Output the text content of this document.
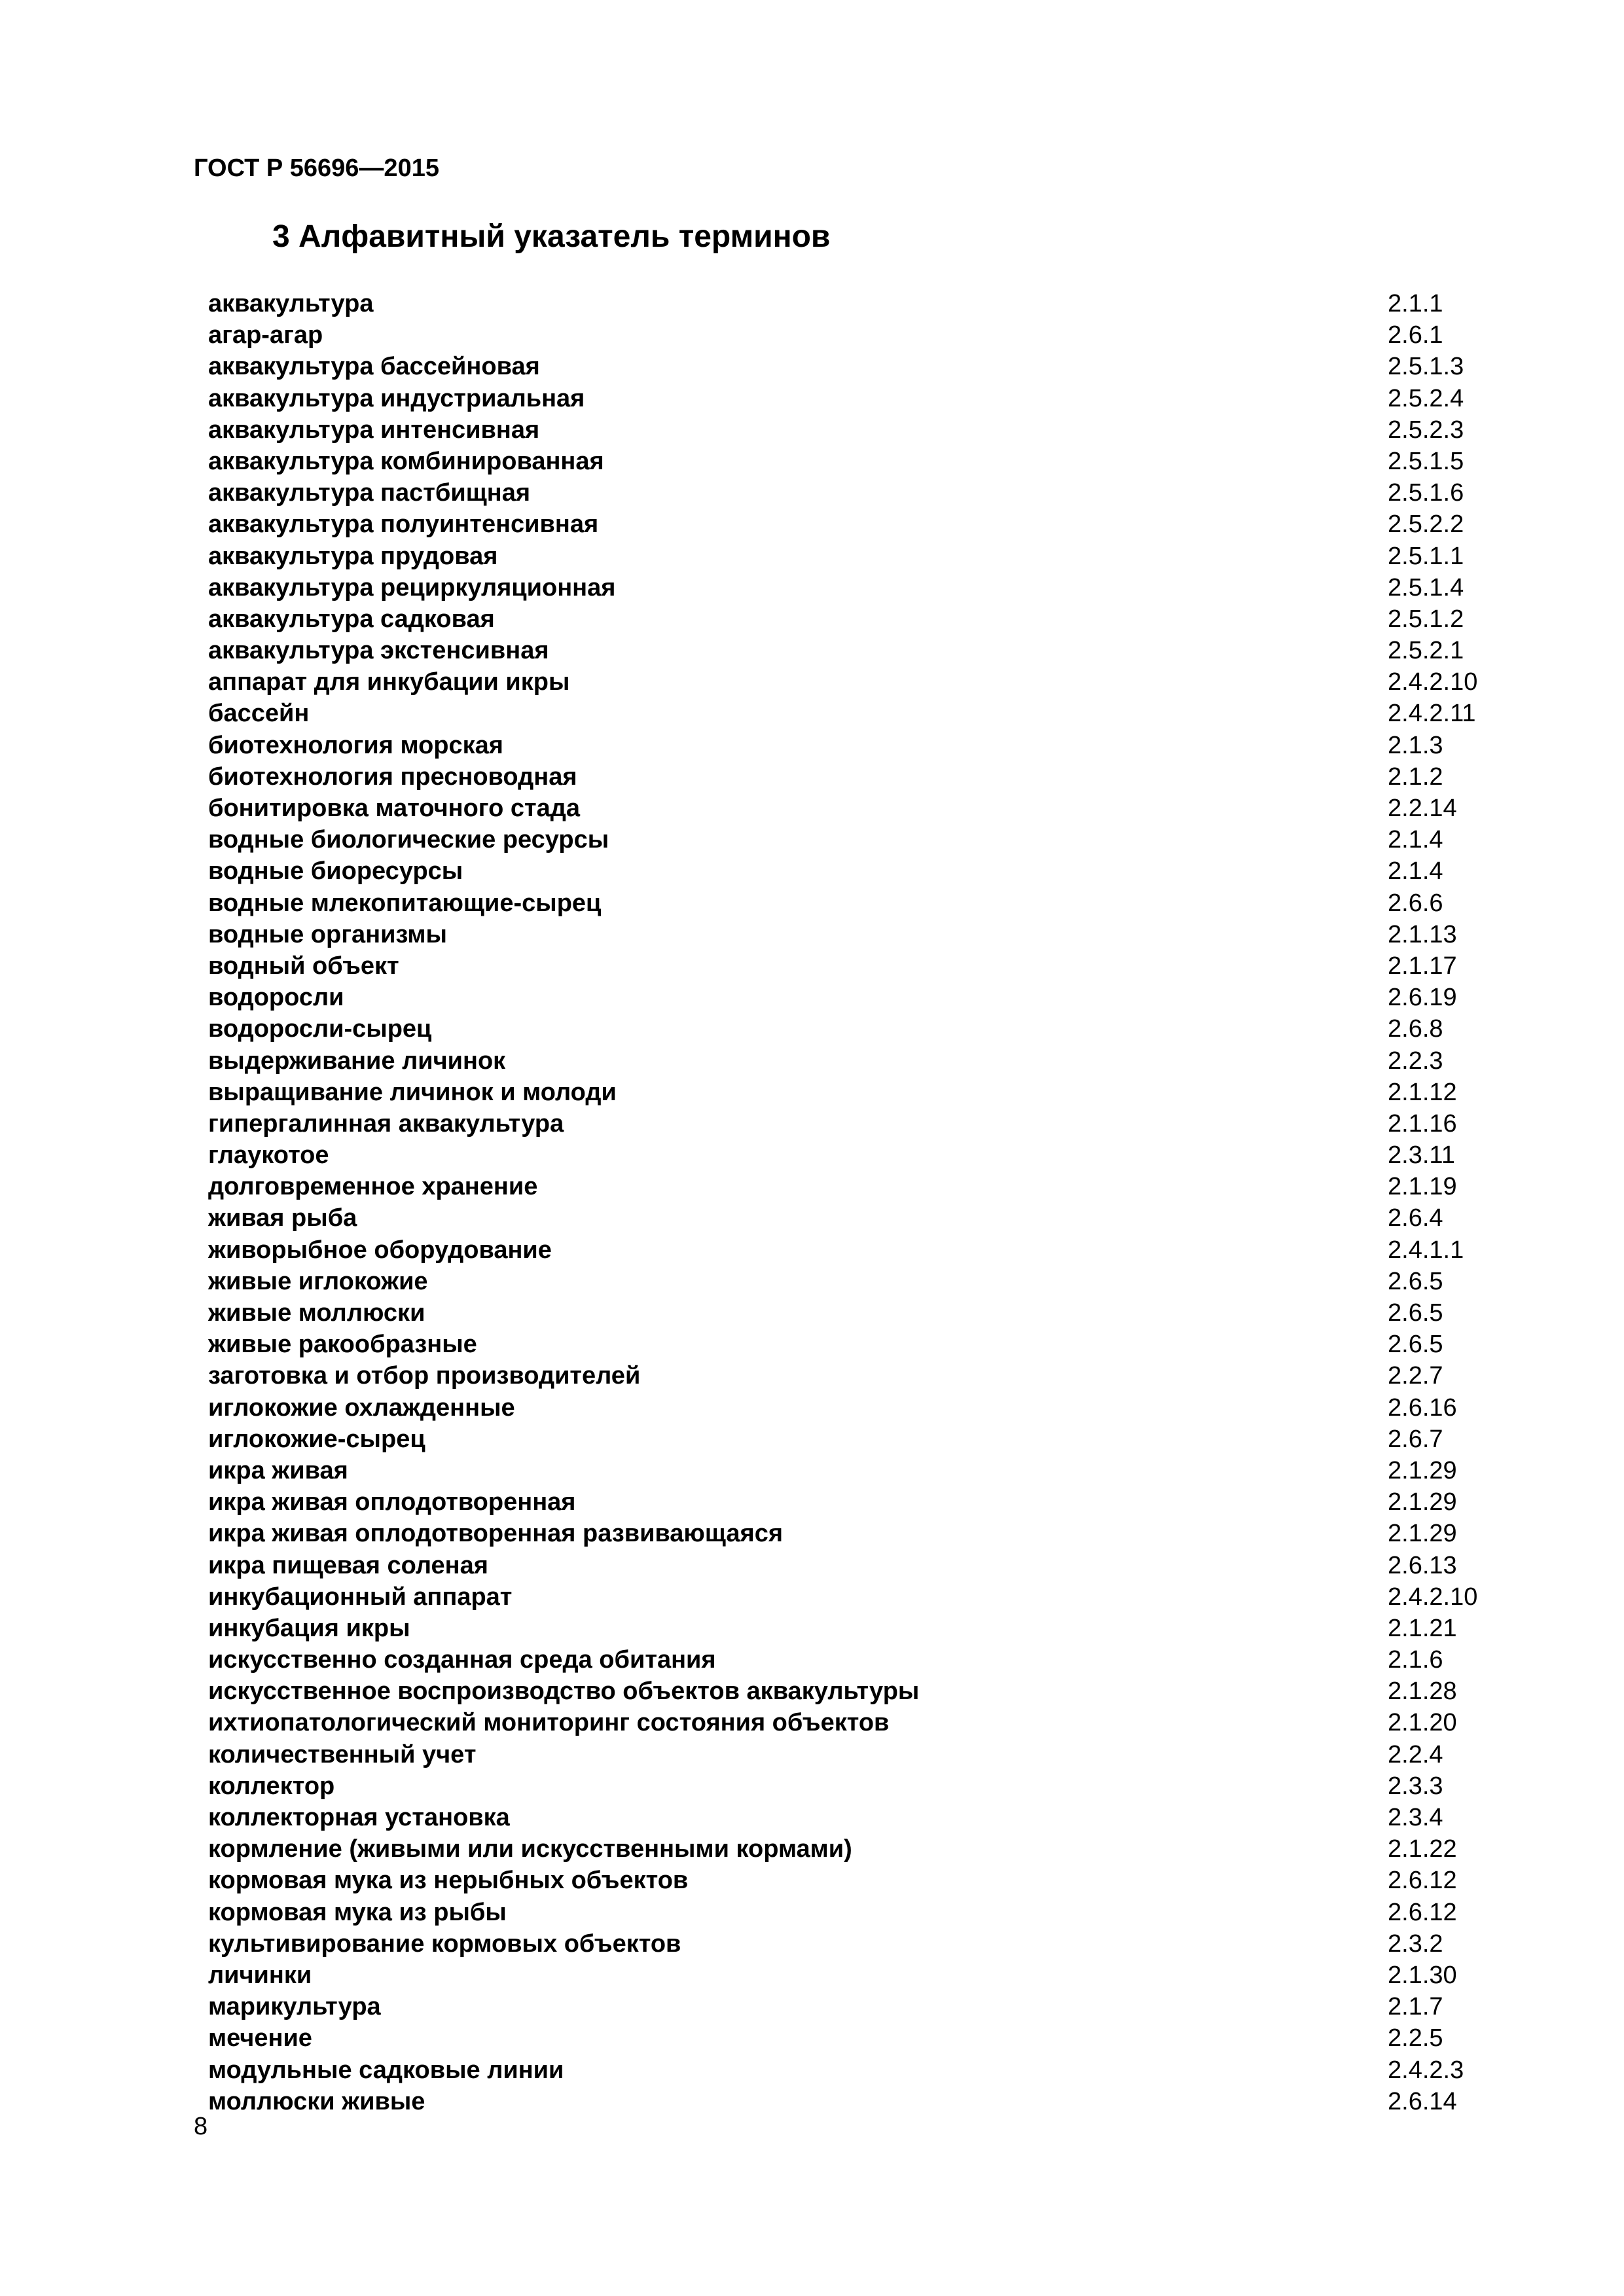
ГОСТ Р 56696—2015
3 Алфавитный указатель терминов
аквакультура	2.1.1
агар-агар	2.6.1
аквакультура бассейновая	2.5.1.3
аквакультура индустриальная	2.5.2.4
аквакультура интенсивная	2.5.2.3
аквакультура комбинированная	2.5.1.5
аквакультура пастбищная	2.5.1.6
аквакультура полуинтенсивная	2.5.2.2
аквакультура прудовая	2.5.1.1
аквакультура рециркуляционная	2.5.1.4
аквакультура садковая	2.5.1.2
аквакультура экстенсивная	2.5.2.1
аппарат для инкубации икры	2.4.2.10
бассейн	2.4.2.11
биотехнология морская	2.1.3
биотехнология пресноводная	2.1.2
бонитировка маточного стада	2.2.14
водные биологические ресурсы	2.1.4
водные биоресурсы	2.1.4
водные млекопитающие-сырец	2.6.6
водные организмы	2.1.13
водный объект	2.1.17
водоросли	2.6.19
водоросли-сырец	2.6.8
выдерживание личинок	2.2.3
выращивание личинок и молоди	2.1.12
гипергалинная аквакультура	2.1.16
глаукотое	2.3.11
долговременное хранение	2.1.19
живая рыба	2.6.4
живорыбное оборудование	2.4.1.1
живые иглокожие	2.6.5
живые моллюски	2.6.5
живые ракообразные	2.6.5
заготовка и отбор производителей	2.2.7
иглокожие охлажденные	2.6.16
иглокожие-сырец	2.6.7
икра живая	2.1.29
икра живая оплодотворенная	2.1.29
икра живая оплодотворенная развивающаяся	2.1.29
икра пищевая соленая	2.6.13
инкубационный аппарат	2.4.2.10
инкубация икры	2.1.21
искусственно созданная среда обитания	2.1.6
искусственное воспроизводство объектов аквакультуры	2.1.28
ихтиопатологический мониторинг состояния объектов	2.1.20
количественный учет	2.2.4
коллектор	2.3.3
коллекторная установка	2.3.4
кормление (живыми или искусственными кормами)	2.1.22
кормовая мука из нерыбных объектов	2.6.12
кормовая мука из рыбы	2.6.12
культивирование кормовых объектов	2.3.2
личинки	2.1.30
марикультура	2.1.7
мечение	2.2.5
модульные садковые линии	2.4.2.3
моллюски живые	2.6.14
8
